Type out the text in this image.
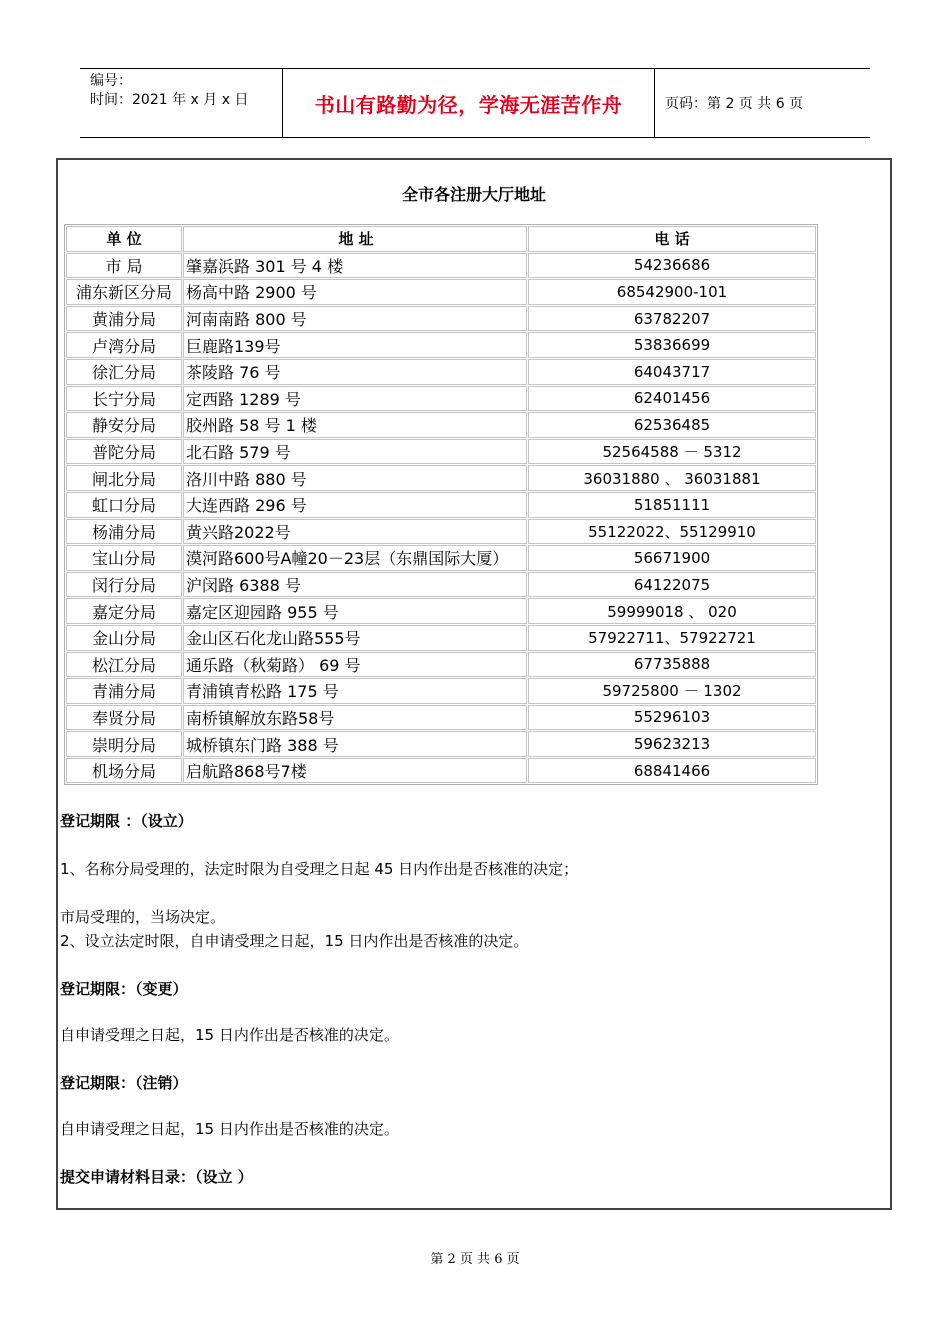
编号：
时间：2021 年 x 月 x 日	书山有路勤为径，学海无涯苦作舟	页码：第 2 页 共 6 页
全市各注册大厅地址
单 位	地 址	电 话
市 局	肇嘉浜路 301 号 4 楼	54236686
浦东新区分局	杨高中路 2900 号	68542900-101
黄浦分局	河南南路 800 号	63782207
卢湾分局	巨鹿路139号	53836699
徐汇分局	茶陵路 76 号	64043717
长宁分局	定西路 1289 号	62401456
静安分局	胶州路 58 号 1 楼	62536485
普陀分局	北石路 579 号	52564588 － 5312
闸北分局	洛川中路 880 号	36031880 、 36031881
虹口分局	大连西路 296 号	51851111
杨浦分局	黄兴路2022号	55122022、55129910
宝山分局	漠河路600号A幢20－23层（东鼎国际大厦）	56671900
闵行分局	沪闵路 6388 号	64122075
嘉定分局	嘉定区迎园路 955 号	59999018 、 020
金山分局	金山区石化龙山路555号	57922711、57922721
松江分局	通乐路（秋菊路） 69 号	67735888
青浦分局	青浦镇青松路 175 号	59725800 － 1302
奉贤分局	南桥镇解放东路58号	55296103
崇明分局	城桥镇东门路 388 号	59623213
机场分局	启航路868号7楼	68841466
登记期限 ：（设立）
1、名称分局受理的，法定时限为自受理之日起 45 日内作出是否核准的决定；
市局受理的，当场决定。
2、设立法定时限，自申请受理之日起，15 日内作出是否核准的决定。
登记期限：（变更）
自申请受理之日起，15 日内作出是否核准的决定。
登记期限：（注销）
自申请受理之日起，15 日内作出是否核准的决定。
提交申请材料目录：（设立 ）
第 2 页 共 6 页
